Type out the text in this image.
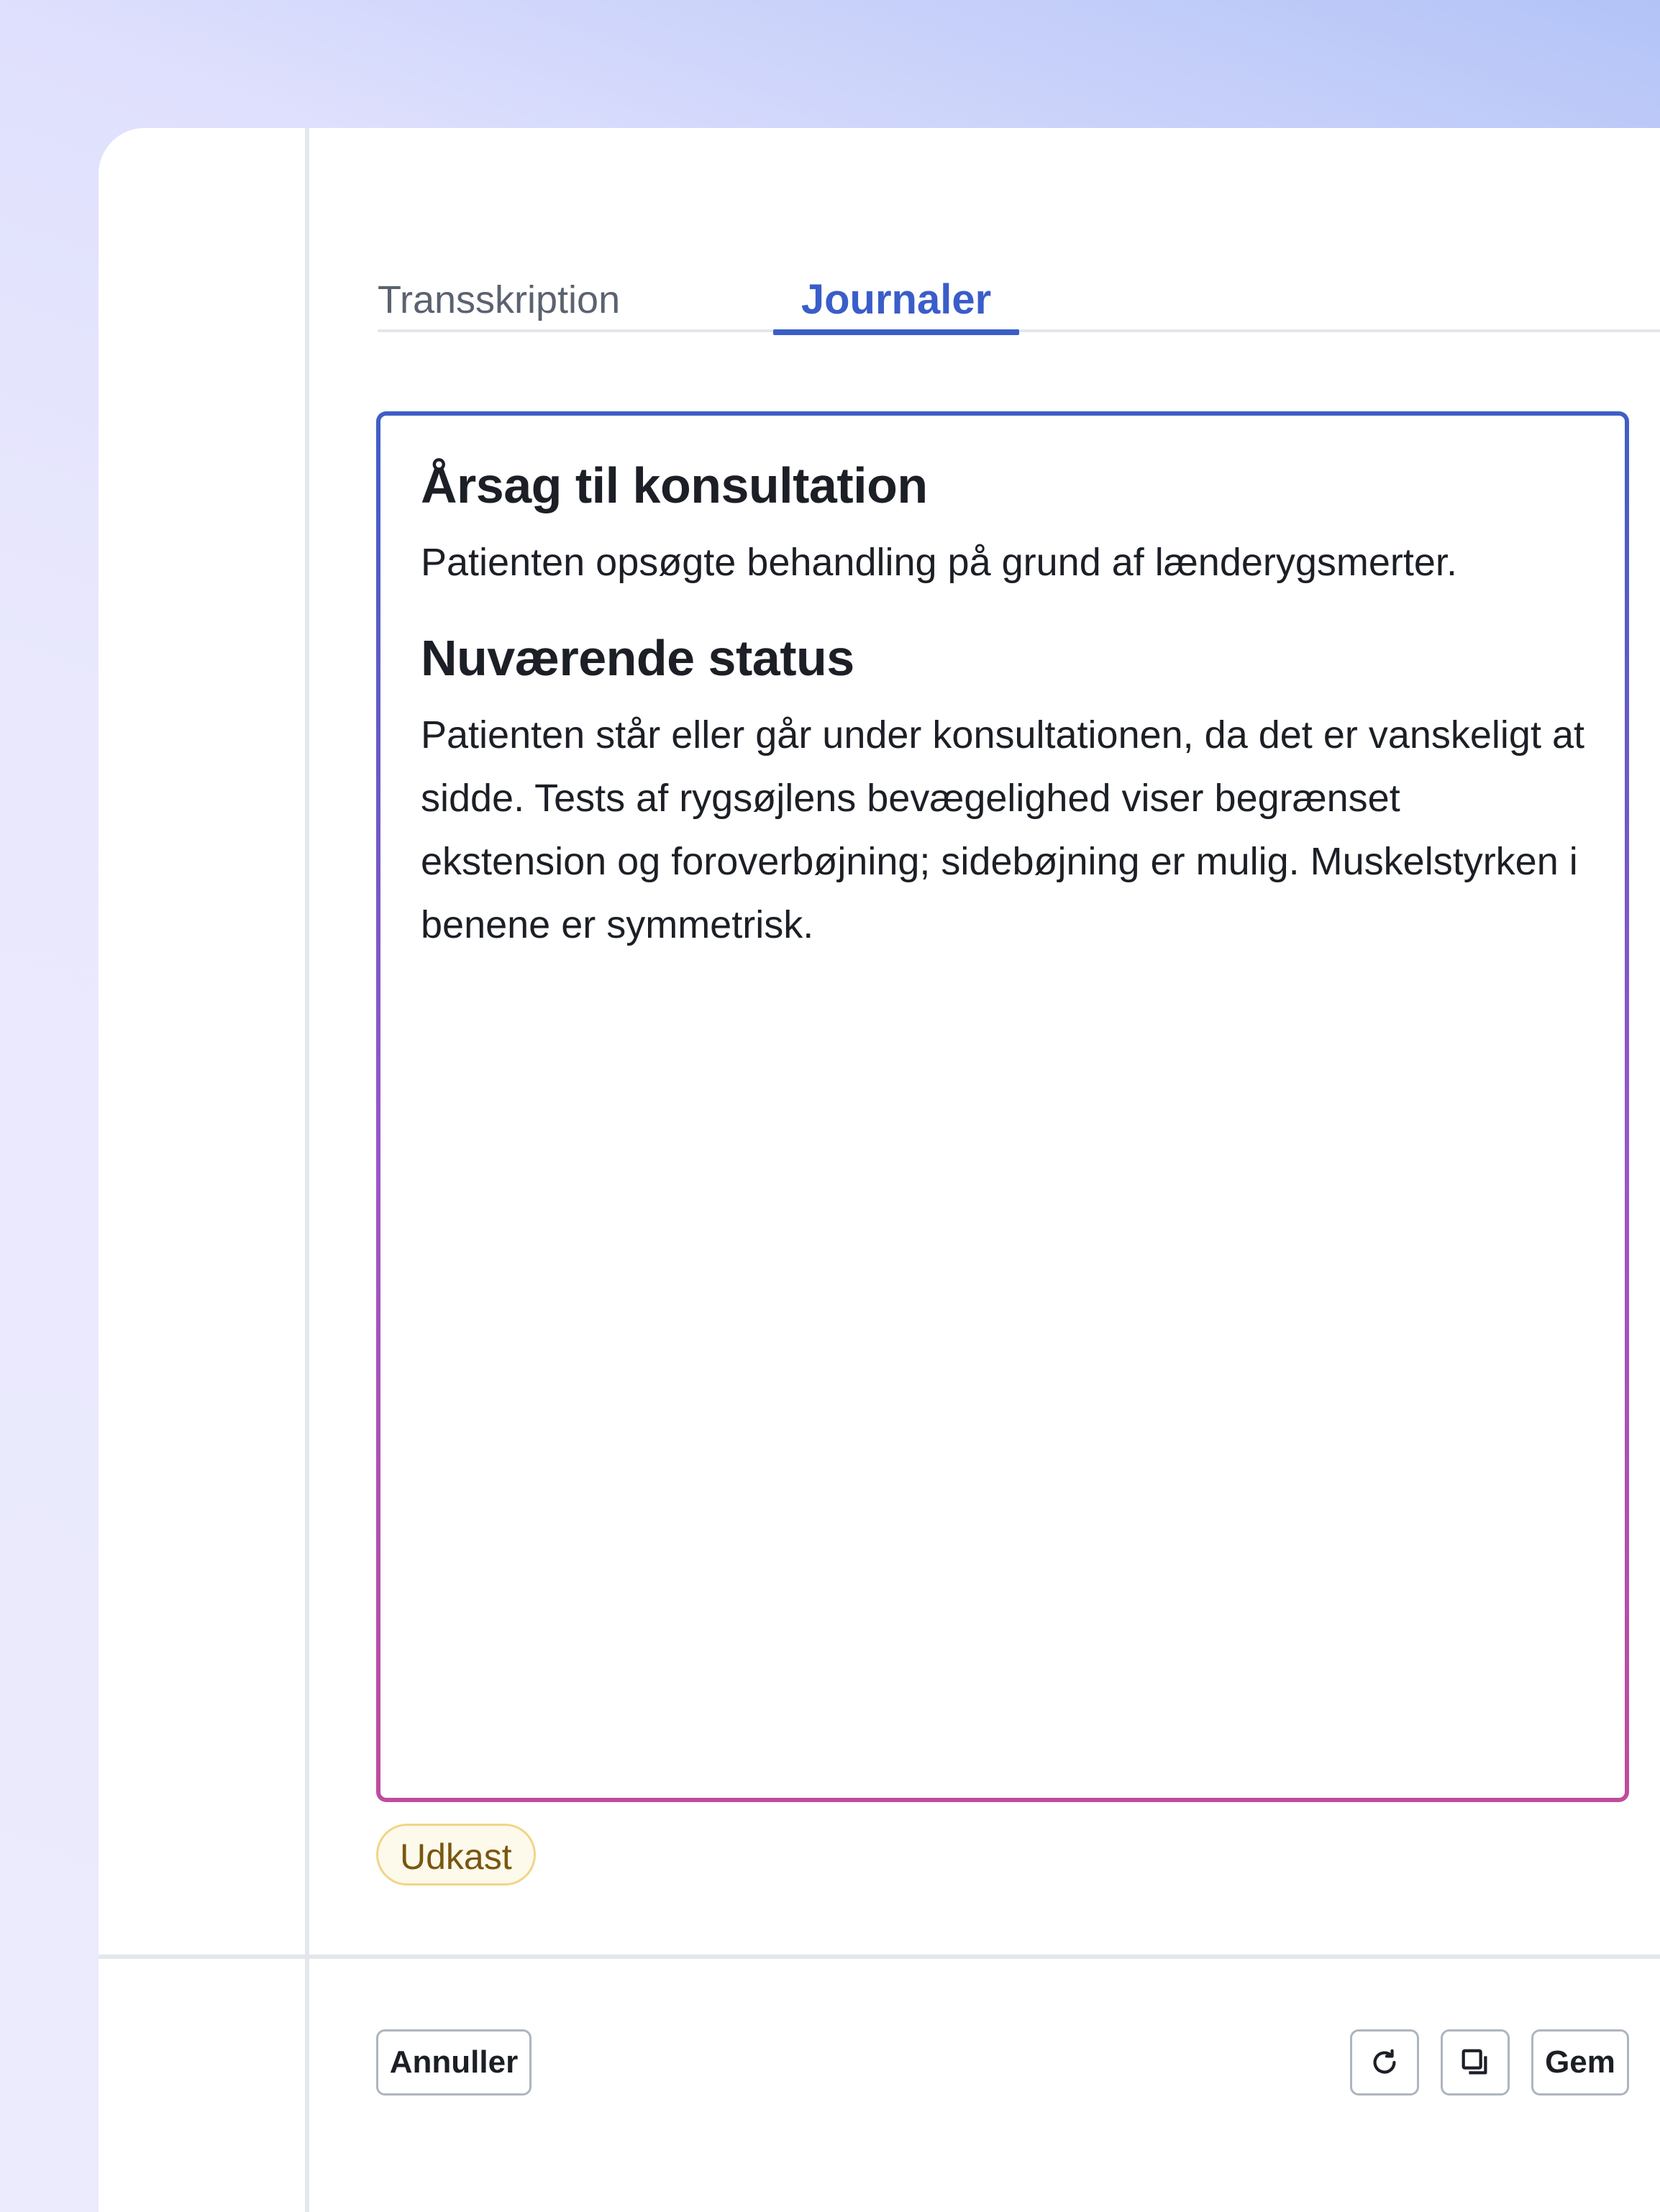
Transskription	Journaler
Årsag til konsultation

Patienten opsøgte behandling på grund af lænderygsmerter.

Nuværende status

Patienten står eller går under konsultationen, da det er vanskeligt at sidde. Tests af rygsøjlens bevægelighed viser begrænset ekstension og foroverbøjning; sidebøjning er mulig. Muskelstyrken i benene er symmetrisk.

Udkast
Annuller	Gem
